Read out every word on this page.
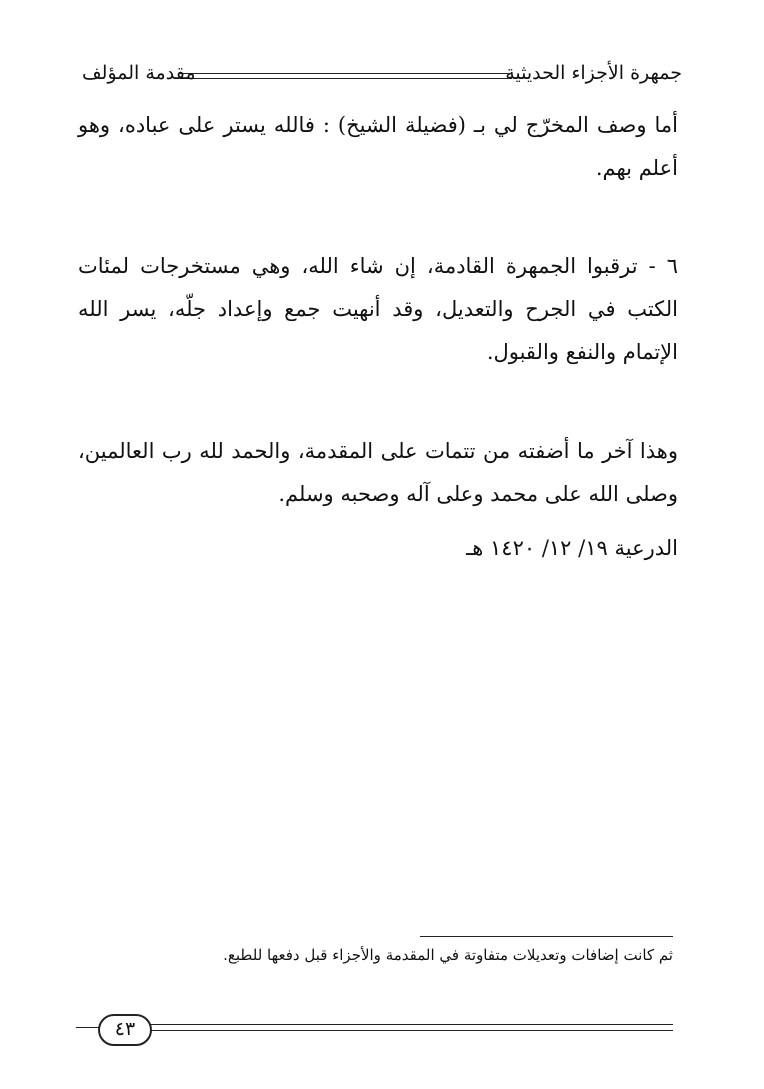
جمهرة الأجزاء الحديثية
مقدمة المؤلف

أما وصف المخرّج لي بـ (فضيلة الشيخ) : فالله يستر على عباده، وهو أعلم بهم.

٦ - ترقبوا الجمهرة القادمة، إن شاء الله، وهي مستخرجات لمئات الكتب في الجرح والتعديل، وقد أنهيت جمع وإعداد جلّه، يسر الله الإتمام والنفع والقبول.

وهذا آخر ما أضفته من تتمات على المقدمة، والحمد لله رب العالمين، وصلى الله على محمد وعلى آله وصحبه وسلم.

الدرعية ١٩/ ١٢/ ١٤٢٠ هـ
ثم كانت إضافات وتعديلات متفاوتة في المقدمة والأجزاء قبل دفعها للطبع.
٤٣
